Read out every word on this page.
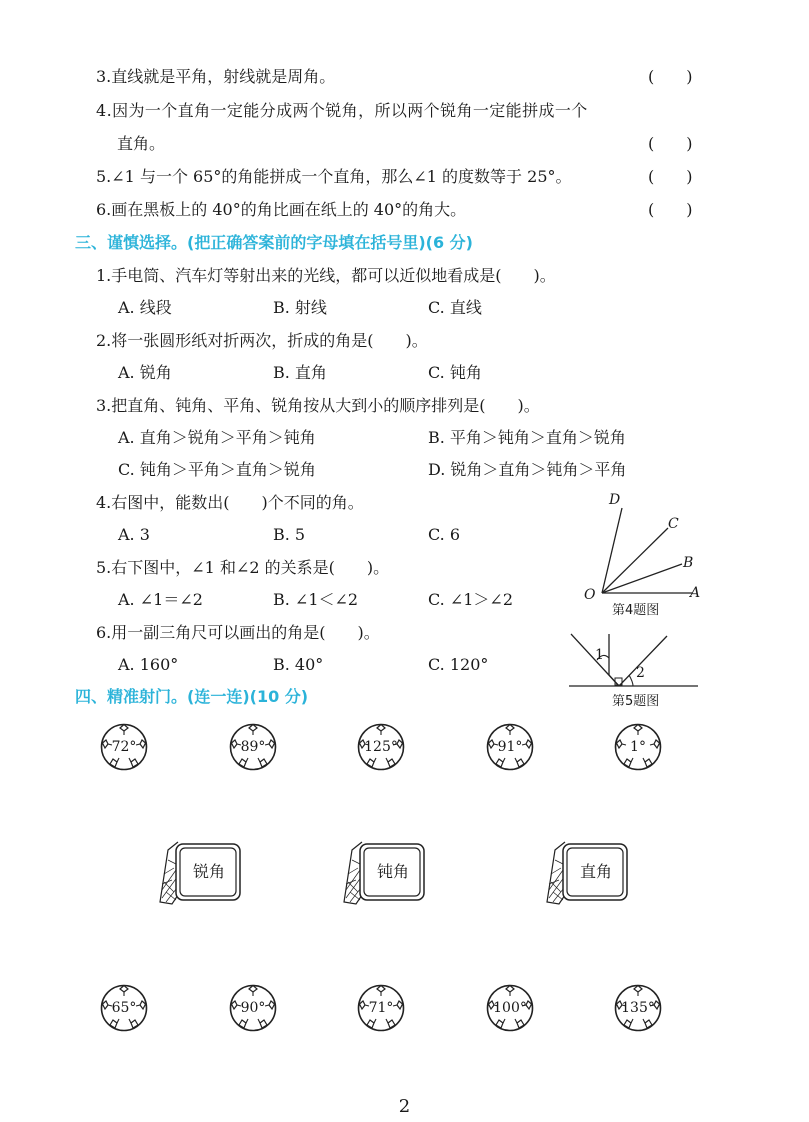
3.直线就是平角，射线就是周角。	(　　)
4.因为一个直角一定能分成两个锐角，所以两个锐角一定能拼成一个
直角。	(　　)
5.∠1 与一个 65°的角能拼成一个直角，那么∠1 的度数等于 25°。	(　　)
6.画在黑板上的 40°的角比画在纸上的 40°的角大。	(　　)
三、谨慎选择。(把正确答案前的字母填在括号里)(6 分)
1.手电筒、汽车灯等射出来的光线，都可以近似地看成是(　　)。
A. 线段	B. 射线	C. 直线
2.将一张圆形纸对折两次，折成的角是(　　)。
A. 锐角	B. 直角	C. 钝角
3.把直角、钝角、平角、锐角按从大到小的顺序排列是(　　)。
A. 直角＞锐角＞平角＞钝角	B. 平角＞钝角＞直角＞锐角
C. 钝角＞平角＞直角＞锐角	D. 锐角＞直角＞钝角＞平角
4.右图中，能数出(　　)个不同的角。
A. 3	B. 5	C. 6
5.右下图中，∠1 和∠2 的关系是(　　)。
A. ∠1＝∠2	B. ∠1＜∠2	C. ∠1＞∠2
6.用一副三角尺可以画出的角是(　　)。
A. 160°	B. 40°	C. 120°
D
C
B
O	A
第4题图
1
2
第5题图
四、精准射门。(连一连)(10 分)
72°	89°	125°	91°	1°
锐角	钝角	直角
65°	90°	71°	100°	135°
2
